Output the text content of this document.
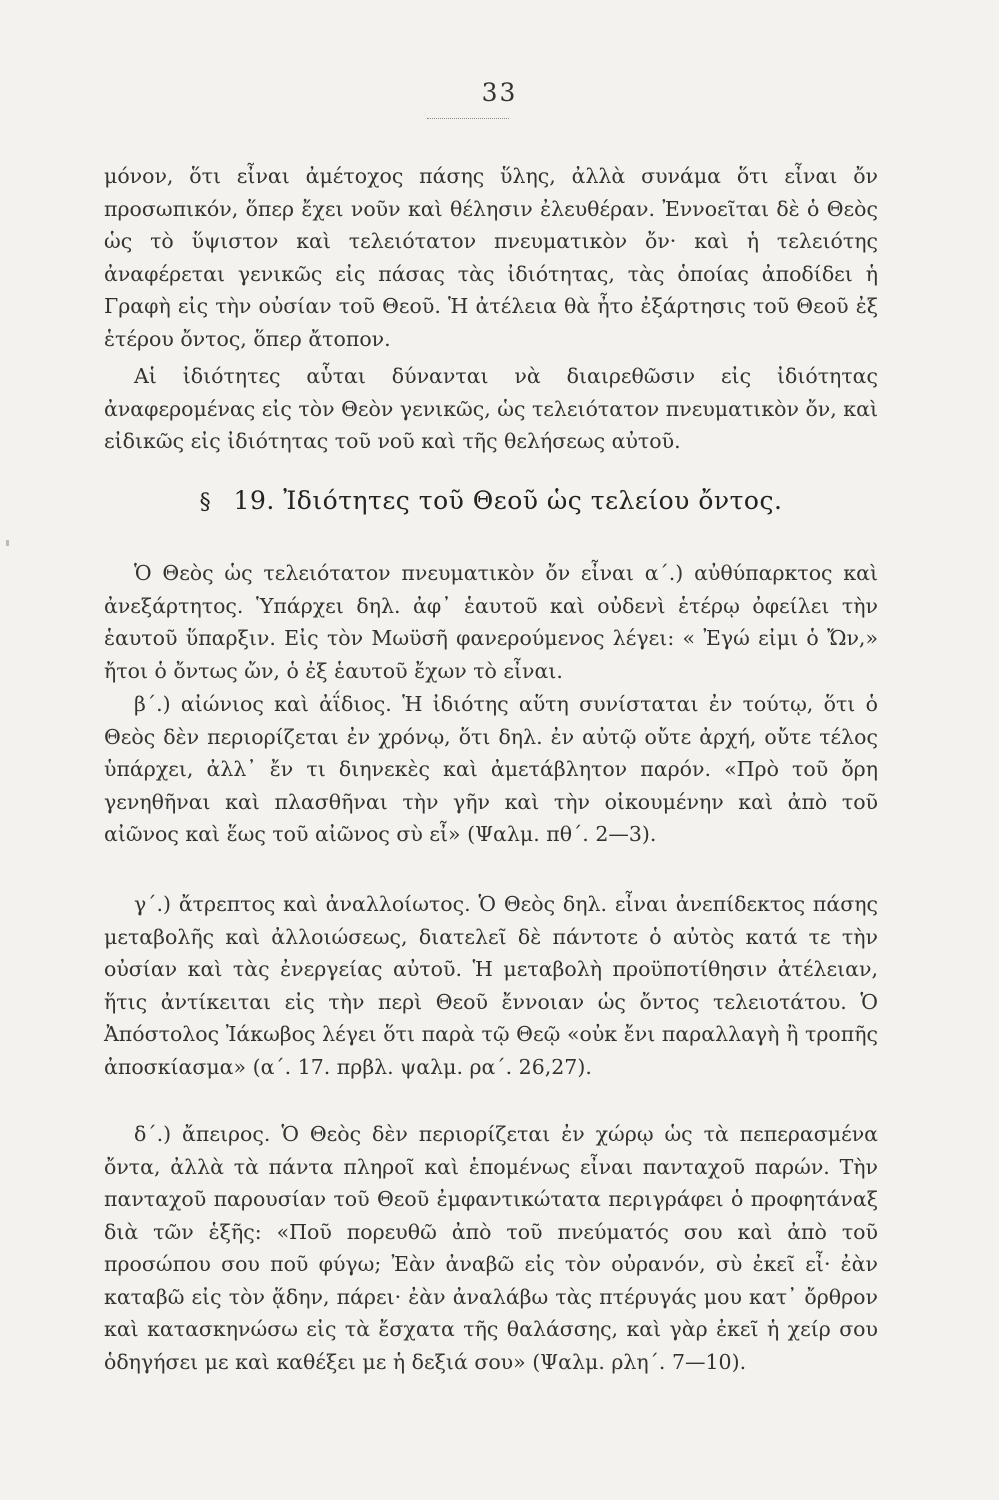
33

μόνον, ὅτι εἶναι ἀμέτοχος πάσης ὕλης, ἀλλὰ συνάμα ὅτι εἶναι ὄν προσωπικόν, ὅπερ ἔχει νοῦν καὶ θέλησιν ἐλευθέραν. Ἐννοεῖται δὲ ὁ Θεὸς ὡς τὸ ὕψιστον καὶ τελειότατον πνευματικὸν ὄν· καὶ ἡ τελειότης ἀναφέρεται γενικῶς εἰς πάσας τὰς ἰδιότητας, τὰς ὁποίας ἀποδίδει ἡ Γραφὴ εἰς τὴν οὐσίαν τοῦ Θεοῦ. Ἡ ἀτέλεια θὰ ἦτο ἐξάρτησις τοῦ Θεοῦ ἐξ ἑτέρου ὄντος, ὅπερ ἄτοπον.

Αἱ ἰδιότητες αὗται δύνανται νὰ διαιρεθῶσιν εἰς ἰδιότητας ἀναφερομένας εἰς τὸν Θεὸν γενικῶς, ὡς τελειότατον πνευματικὸν ὄν, καὶ εἰδικῶς εἰς ἰδιότητας τοῦ νοῦ καὶ τῆς θελήσεως αὐτοῦ.

§ 19. Ἰδιότητες τοῦ Θεοῦ ὡς τελείου ὄντος.

Ὁ Θεὸς ὡς τελειότατον πνευματικὸν ὄν εἶναι α΄.) αὐθύπαρκτος καὶ ἀνεξάρτητος. Ὑπάρχει δηλ. ἀφ᾿ ἑαυτοῦ καὶ οὐδενὶ ἑτέρῳ ὀφείλει τὴν ἑαυτοῦ ὕπαρξιν. Εἰς τὸν Μωϋσῆ φανερούμενος λέγει: « Ἐγώ εἰμι ὁ Ὤν,» ἤτοι ὁ ὄντως ὤν, ὁ ἐξ ἑαυτοῦ ἔχων τὸ εἶναι.

β΄.) αἰώνιος καὶ ἀΐδιος. Ἡ ἰδιότης αὕτη συνίσταται ἐν τούτῳ, ὅτι ὁ Θεὸς δὲν περιορίζεται ἐν χρόνῳ, ὅτι δηλ. ἐν αὐτῷ οὔτε ἀρχή, οὔτε τέλος ὑπάρχει, ἀλλ᾿ ἔν τι διηνεκὲς καὶ ἀμετάβλητον παρόν. «Πρὸ τοῦ ὄρη γενηθῆναι καὶ πλασθῆναι τὴν γῆν καὶ τὴν οἰκουμένην καὶ ἀπὸ τοῦ αἰῶνος καὶ ἕως τοῦ αἰῶνος σὺ εἶ» (Ψαλμ. πθ΄. 2—3).

γ΄.) ἄτρεπτος καὶ ἀναλλοίωτος. Ὁ Θεὸς δηλ. εἶναι ἀνεπίδεκτος πάσης μεταβολῆς καὶ ἀλλοιώσεως, διατελεῖ δὲ πάντοτε ὁ αὐτὸς κατά τε τὴν οὐσίαν καὶ τὰς ἐνεργείας αὐτοῦ. Ἡ μεταβολὴ προϋποτίθησιν ἀτέλειαν, ἥτις ἀντίκειται εἰς τὴν περὶ Θεοῦ ἔννοιαν ὡς ὄντος τελειοτάτου. Ὁ Ἀπόστολος Ἰάκωβος λέγει ὅτι παρὰ τῷ Θεῷ «οὐκ ἔνι παραλλαγὴ ἢ τροπῆς ἀποσκίασμα» (α΄. 17. πρβλ. ψαλμ. ρα΄. 26,27).

δ΄.) ἄπειρος. Ὁ Θεὸς δὲν περιορίζεται ἐν χώρῳ ὡς τὰ πεπερασμένα ὄντα, ἀλλὰ τὰ πάντα πληροῖ καὶ ἑπομένως εἶναι πανταχοῦ παρών. Τὴν πανταχοῦ παρουσίαν τοῦ Θεοῦ ἐμφαντικώτατα περιγράφει ὁ προφητάναξ διὰ τῶν ἑξῆς: «Ποῦ πορευθῶ ἀπὸ τοῦ πνεύματός σου καὶ ἀπὸ τοῦ προσώπου σου ποῦ φύγω; Ἐὰν ἀναβῶ εἰς τὸν οὐρανόν, σὺ ἐκεῖ εἶ· ἐὰν καταβῶ εἰς τὸν ᾅδην, πάρει· ἐὰν ἀναλάβω τὰς πτέρυγάς μου κατ᾿ ὄρθρον καὶ κατασκηνώσω εἰς τὰ ἔσχατα τῆς θαλάσσης, καὶ γὰρ ἐκεῖ ἡ χείρ σου ὁδηγήσει με καὶ καθέξει με ἡ δεξιά σου» (Ψαλμ. ρλη΄. 7—10).
